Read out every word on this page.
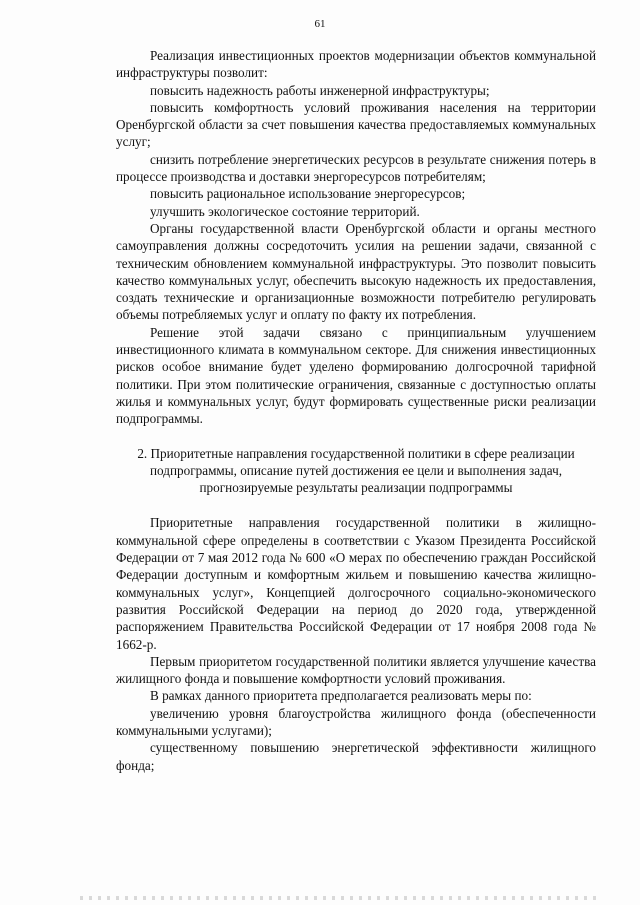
61

Реализация инвестиционных проектов модернизации объектов коммунальной инфраструктуры позволит:

повысить надежность работы инженерной инфраструктуры;

повысить комфортность условий проживания населения на территории Оренбургской области за счет повышения качества предоставляемых коммунальных услуг;

снизить потребление энергетических ресурсов в результате снижения потерь в процессе производства и доставки энергоресурсов потребителям;

повысить рациональное использование энергоресурсов;

улучшить экологическое состояние территорий.

Органы государственной власти Оренбургской области и органы местного самоуправления должны сосредоточить усилия на решении задачи, связанной с техническим обновлением коммунальной инфраструктуры. Это позволит повысить качество коммунальных услуг, обеспечить высокую надежность их предоставления, создать технические и организационные возможности потребителю регулировать объемы потребляемых услуг и оплату по факту их потребления.

Решение этой задачи связано с принципиальным улучшением инвестиционного климата в коммунальном секторе. Для снижения инвестиционных рисков особое внимание будет уделено формированию долгосрочной тарифной политики. При этом политические ограничения, связанные с доступностью оплаты жилья и коммунальных услуг, будут формировать существенные риски реализации подпрограммы.

2. Приоритетные направления государственной политики в сфере реализации подпрограммы, описание путей достижения ее цели и выполнения задач, прогнозируемые результаты реализации подпрограммы

Приоритетные направления государственной политики в жилищно-коммунальной сфере определены в соответствии с Указом Президента Российской Федерации от 7 мая 2012 года № 600 «О мерах по обеспечению граждан Российской Федерации доступным и комфортным жильем и повышению качества жилищно-коммунальных услуг», Концепцией долгосрочного социально-экономического развития Российской Федерации на период до 2020 года, утвержденной распоряжением Правительства Российской Федерации от 17 ноября 2008 года № 1662-р.

Первым приоритетом государственной политики является улучшение качества жилищного фонда и повышение комфортности условий проживания.

В рамках данного приоритета предполагается реализовать меры по:

увеличению уровня благоустройства жилищного фонда (обеспеченности коммунальными услугами);

существенному повышению энергетической эффективности жилищного фонда;
